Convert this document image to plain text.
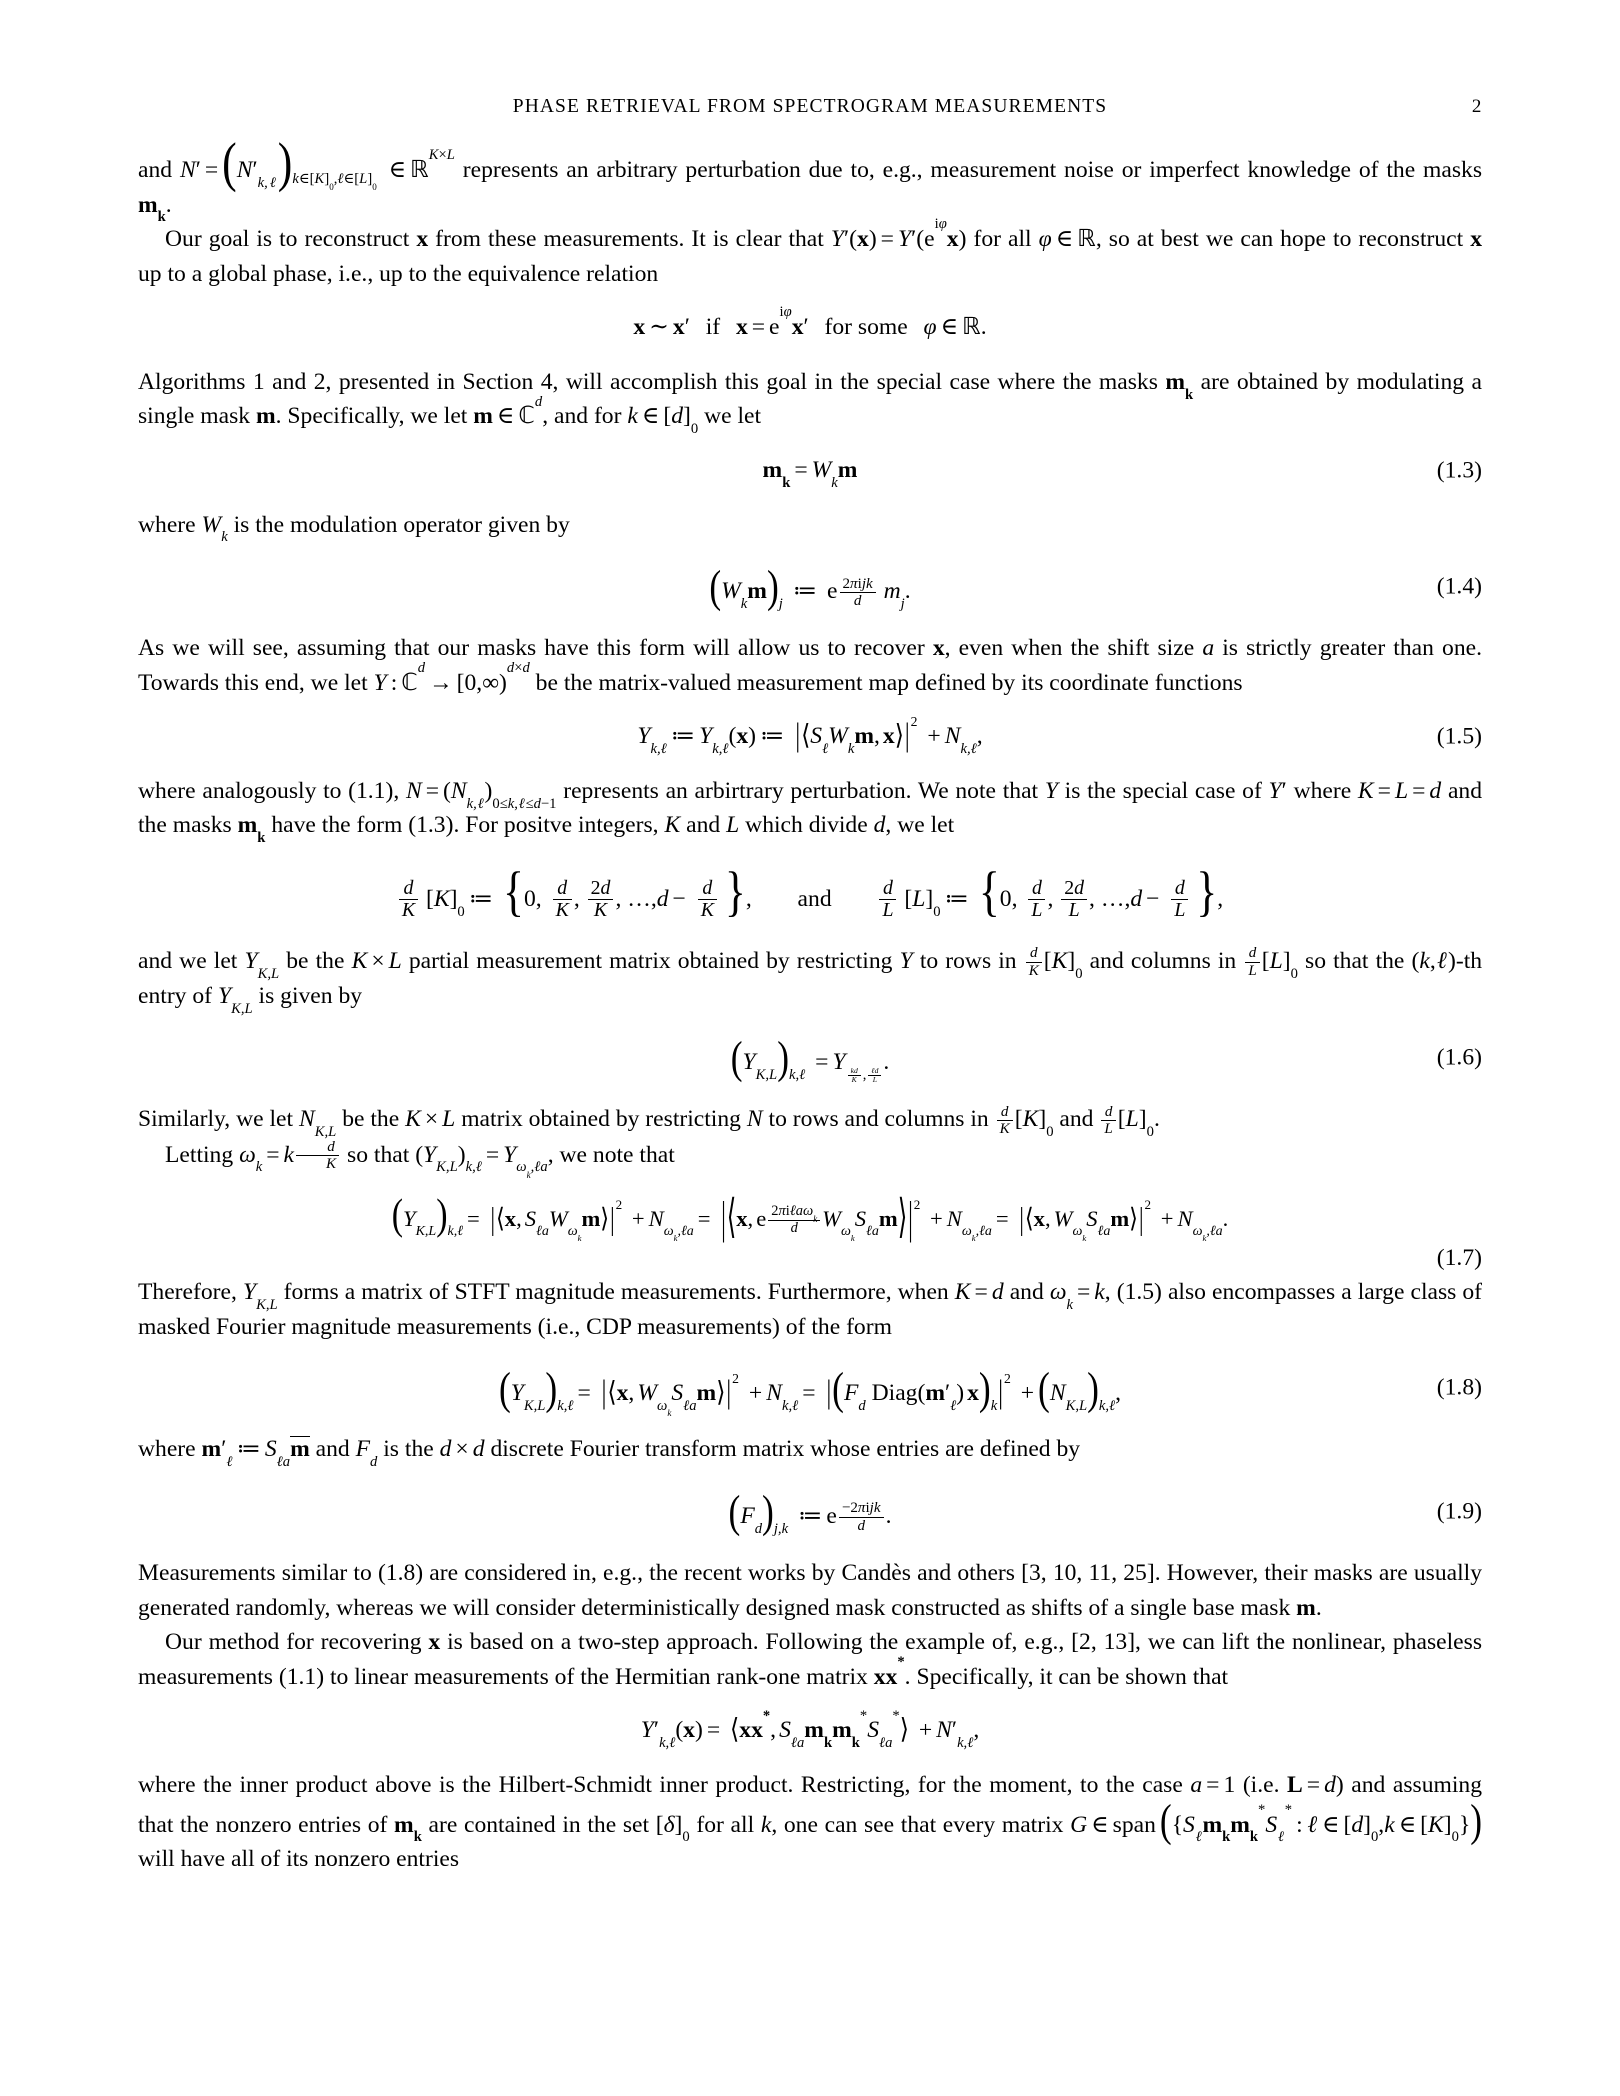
PHASE RETRIEVAL FROM SPECTROGRAM MEASUREMENTS	2

and $N' =(N'_{k,\ell})k\in[K]_0,\ell\in[L]_0$ ∈ ℝ$^{K\times L}$ represents an arbitrary perturbation due to, e.g., measurement noise or imperfect knowledge of the masks $m_k$.

Our goal is to reconstruct x from these measurements. It is clear that $Y'(x) = Y'(e^{i\varphi}x)$ for all φ ∈ ℝ, so at best we can hope to reconstruct x up to a global phase, i.e., up to the equivalence relation

x ∼ x′ if $x = e^{i\varphi}x'$ for some φ ∈ ℝ.

Algorithms 1 and 2, presented in Section 4, will accomplish this goal in the special case where the masks $m_k$ are obtained by modulating a single mask m. Specifically, we let m ∈ ℂ$^d$, and for k ∈ $[d]_0$ we let

$m_k = W_km$	(1.3)

where $W_k$ is the modulation operator given by

$(W_km)_j$ ≔ e $\frac{\text{2πijk}}{d} m_j$.	(1.4)

As we will see, assuming that our masks have this form will allow us to recover x, even when the shift size a is strictly greater than one. Towards this end, we let Y : ℂ$^d$→ [0,∞)$^{d\times d}$ be the matrix-valued measurement map defined by its coordinate functions

$Y_{k,\ell}$ ≔ $Y_{k,\ell}(x)$ ≔ $|⟨S_\ell W_km$, $x⟩|^2 + N_{k,\ell}$,	(1.5)

where analogously to (1.1), $N = (N_{k,\ell})_{0\le k,\ell\le d-1}$ represents an arbirtrary perturbation. We note that Y is the special case of Y′ where K = L = d and the masks $m_k$ have the form (1.3). For positve integers, K and L which divide d, we let

$\frac{d}{K} [K]_0$ ≔ {0, $\frac{d}{K}$ , $\frac{2d}{K}$ , …,d − $\frac{d}{K}$ },  and $\frac{d}{L} [L]_0$ ≔ {0, $\frac{d}{L}$ , $\frac{2d}{L}$ , …,d − $\frac{d}{L}$ },

and we let $Y_{K,L}$ be the K × L partial measurement matrix obtained by restricting Y to rows in $\frac{d}{K} [K]_0$ and columns in $\frac{d}{L} [L]_0$ so that the (k,ℓ)-th entry of $Y_{K,L}$ is given by

$(Y_{K,L})_{k,\ell} = Y$
$_{\frac{kd}{K} , \frac{\text{ℓd}}{L}}$
.	(1.6)

Similarly, we let $N_{K,L}$ be the K × L matrix obtained by restricting N to rows and columns in $\frac{d}{K} [K]_0$ and $\frac{d}{L} [L]_0$.

Letting $\omega_k = k \frac{d}{K}$ so that $(Y_{K,L})_{k,\ell} = Y_{\omega_k,\ell a}$, we note that

$(Y_{K,L})_{k,\ell}=$ |⟨x, $S_{\ell a}W_{\omega_k}m⟩|^2 + N_{\omega_k,\ell a}=$ |⟨x, e $\frac{2\pi i\ell a\omega_k}{d}$ $W_{\omega_k}S_{\ell a}m⟩|^2 + N_{\omega_k,\ell a}=$ |⟨x, $W_{\omega_k}S_{\ell a}m⟩|^2 + N_{\omega_k,\ell a}$.
(1.7)

Therefore, $Y_{K,L}$ forms a matrix of STFT magnitude measurements. Furthermore, when K = d and $\omega_k = k$, (1.5) also encompasses a large class of masked Fourier magnitude measurements (i.e., CDP measurements) of the form

$(Y_{K,L})_{k,\ell}$ = |⟨x, $W_{\omega_k}S_{\ell a}m⟩|^2 + N_{k,\ell} = |(F_d$ $Diag(m'_\ell) x)_k|^2 + (N_{K,L})_{k,\ell}$,	(1.8)

where $m'_\ell$ ≔ $S_{\ell a}m$ and $F_d$ is the d × d discrete Fourier transform matrix whose entries are defined by

$(F_d)_{j,k}$ ≔ e $\frac{\text{−2πijk}}{d}$ .	(1.9)

Measurements similar to (1.8) are considered in, e.g., the recent works by Candès and others [3, 10, 11, 25]. However, their masks are usually generated randomly, whereas we will consider deterministically designed mask constructed as shifts of a single base mask m.

Our method for recovering x is based on a two-step approach. Following the example of, e.g., [2, 13], we can lift the nonlinear, phaseless measurements (1.1) to linear measurements of the Hermitian rank-one matrix xx*. Specifically, it can be shown that

$Y'_{k,\ell}(x)$ = ⟨xx*, $S_{\ell a}m_km_k^*S_{\ell a}^*⟩ + N'_{k,\ell}$,

where the inner product above is the Hilbert-Schmidt inner product. Restricting, for the moment, to the case a = 1 (i.e. L = d) and assuming that the nonzero entries of $m_k$ are contained in the set $[\delta]_0$ for all k, one can see that every matrix G ∈ span ({$S_\ell m_km_k^*S_\ell^*$: ℓ ∈ $[d]_0,k$ ∈ $[K]_0$}) will have all of its nonzero entries
